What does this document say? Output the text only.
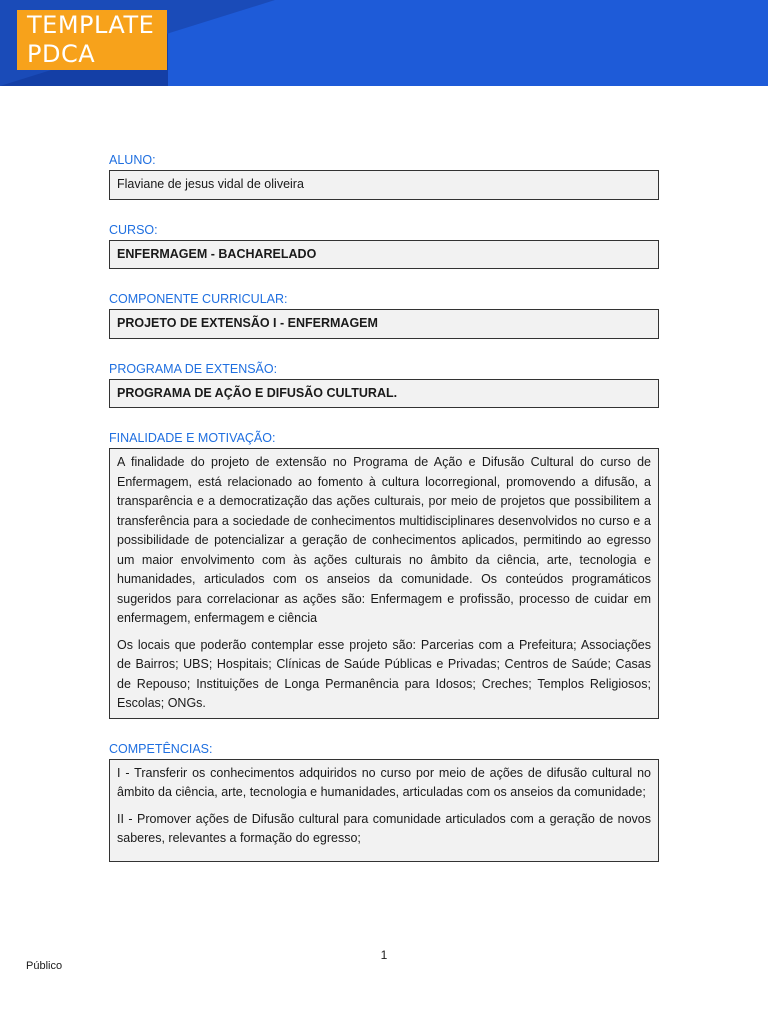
TEMPLATE
PDCA
ALUNO:
Flaviane de jesus vidal de oliveira
CURSO:
ENFERMAGEM - BACHARELADO
COMPONENTE CURRICULAR:
PROJETO DE EXTENSÃO I - ENFERMAGEM
PROGRAMA DE EXTENSÃO:
PROGRAMA DE AÇÃO E DIFUSÃO CULTURAL.
FINALIDADE E MOTIVAÇÃO:

A finalidade do projeto de extensão no Programa de Ação e Difusão Cultural do curso de Enfermagem, está relacionado ao fomento à cultura locorregional, promovendo a difusão, a transparência e a democratização das ações culturais, por meio de projetos que possibilitem a transferência para a sociedade de conhecimentos multidisciplinares desenvolvidos no curso e a possibilidade de potencializar a geração de conhecimentos aplicados, permitindo ao egresso um maior envolvimento com às ações culturais no âmbito da ciência, arte, tecnologia e humanidades, articulados com os anseios da comunidade. Os conteúdos programáticos sugeridos para correlacionar as ações são: Enfermagem e profissão, processo de cuidar em enfermagem, enfermagem e ciência

Os locais que poderão contemplar esse projeto são: Parcerias com a Prefeitura; Associações de Bairros; UBS; Hospitais; Clínicas de Saúde Públicas e Privadas; Centros de Saúde; Casas de Repouso; Instituições de Longa Permanência para Idosos; Creches; Templos Religiosos; Escolas; ONGs.

COMPETÊNCIAS:

I - Transferir os conhecimentos adquiridos no curso por meio de ações de difusão cultural no âmbito da ciência, arte, tecnologia e humanidades, articuladas com os anseios da comunidade;

II - Promover ações de Difusão cultural para comunidade articulados com a geração de novos saberes, relevantes a formação do egresso;

1
Público
